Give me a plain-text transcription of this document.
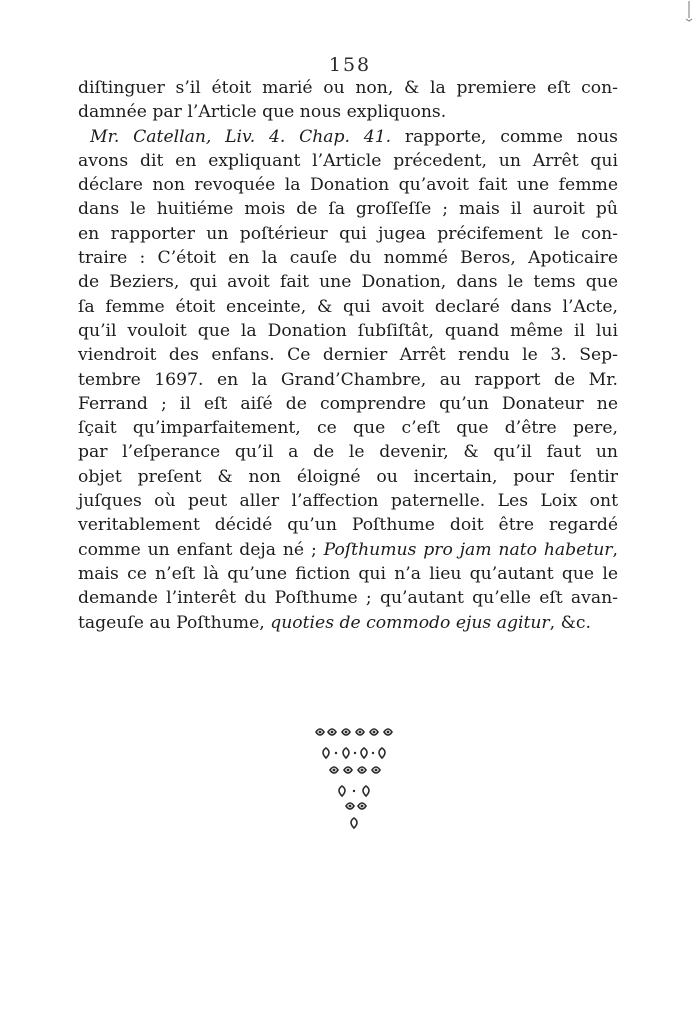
158
diſtinguer s’il étoit marié ou non, & la premiere eſt con-
damnée par l’Article que nous expliquons.
Mr. Catellan, Liv. 4. Chap. 41. rapporte, comme nous
avons dit en expliquant l’Article précedent, un Arrêt qui
déclare non revoquée la Donation qu’avoit fait une femme
dans le huitiéme mois de ſa groſſeſſe ; mais il auroit pû
en rapporter un poſtérieur qui jugea précifement le con-
traire : C’étoit en la cauſe du nommé Beros, Apoticaire
de Beziers, qui avoit fait une Donation, dans le tems que
ſa femme étoit enceinte, & qui avoit declaré dans l’Acte,
qu’il vouloit que la Donation ſubſiſtât, quand même il lui
viendroit des enfans. Ce dernier Arrêt rendu le 3. Sep-
tembre 1697. en la Grand’Chambre, au rapport de Mr.
Ferrand ; il eſt aiſé de comprendre qu’un Donateur ne
ſçait qu’imparfaitement, ce que c’eſt que d’être pere,
par l’eſperance qu’il a de le devenir, & qu’il faut un
objet preſent & non éloigné ou incertain, pour ſentir
juſques où peut aller l’affection paternelle. Les Loix ont
veritablement décidé qu’un Poſthume doit être regardé
comme un enfant deja né ; Poſthumus pro jam nato habetur,
mais ce n’eſt là qu’une fiction qui n’a lieu qu’autant que le
demande l’interêt du Poſthume ; qu’autant qu’elle eſt avan-
tageuſe au Poſthume, quoties de commodo ejus agitur, &c.
